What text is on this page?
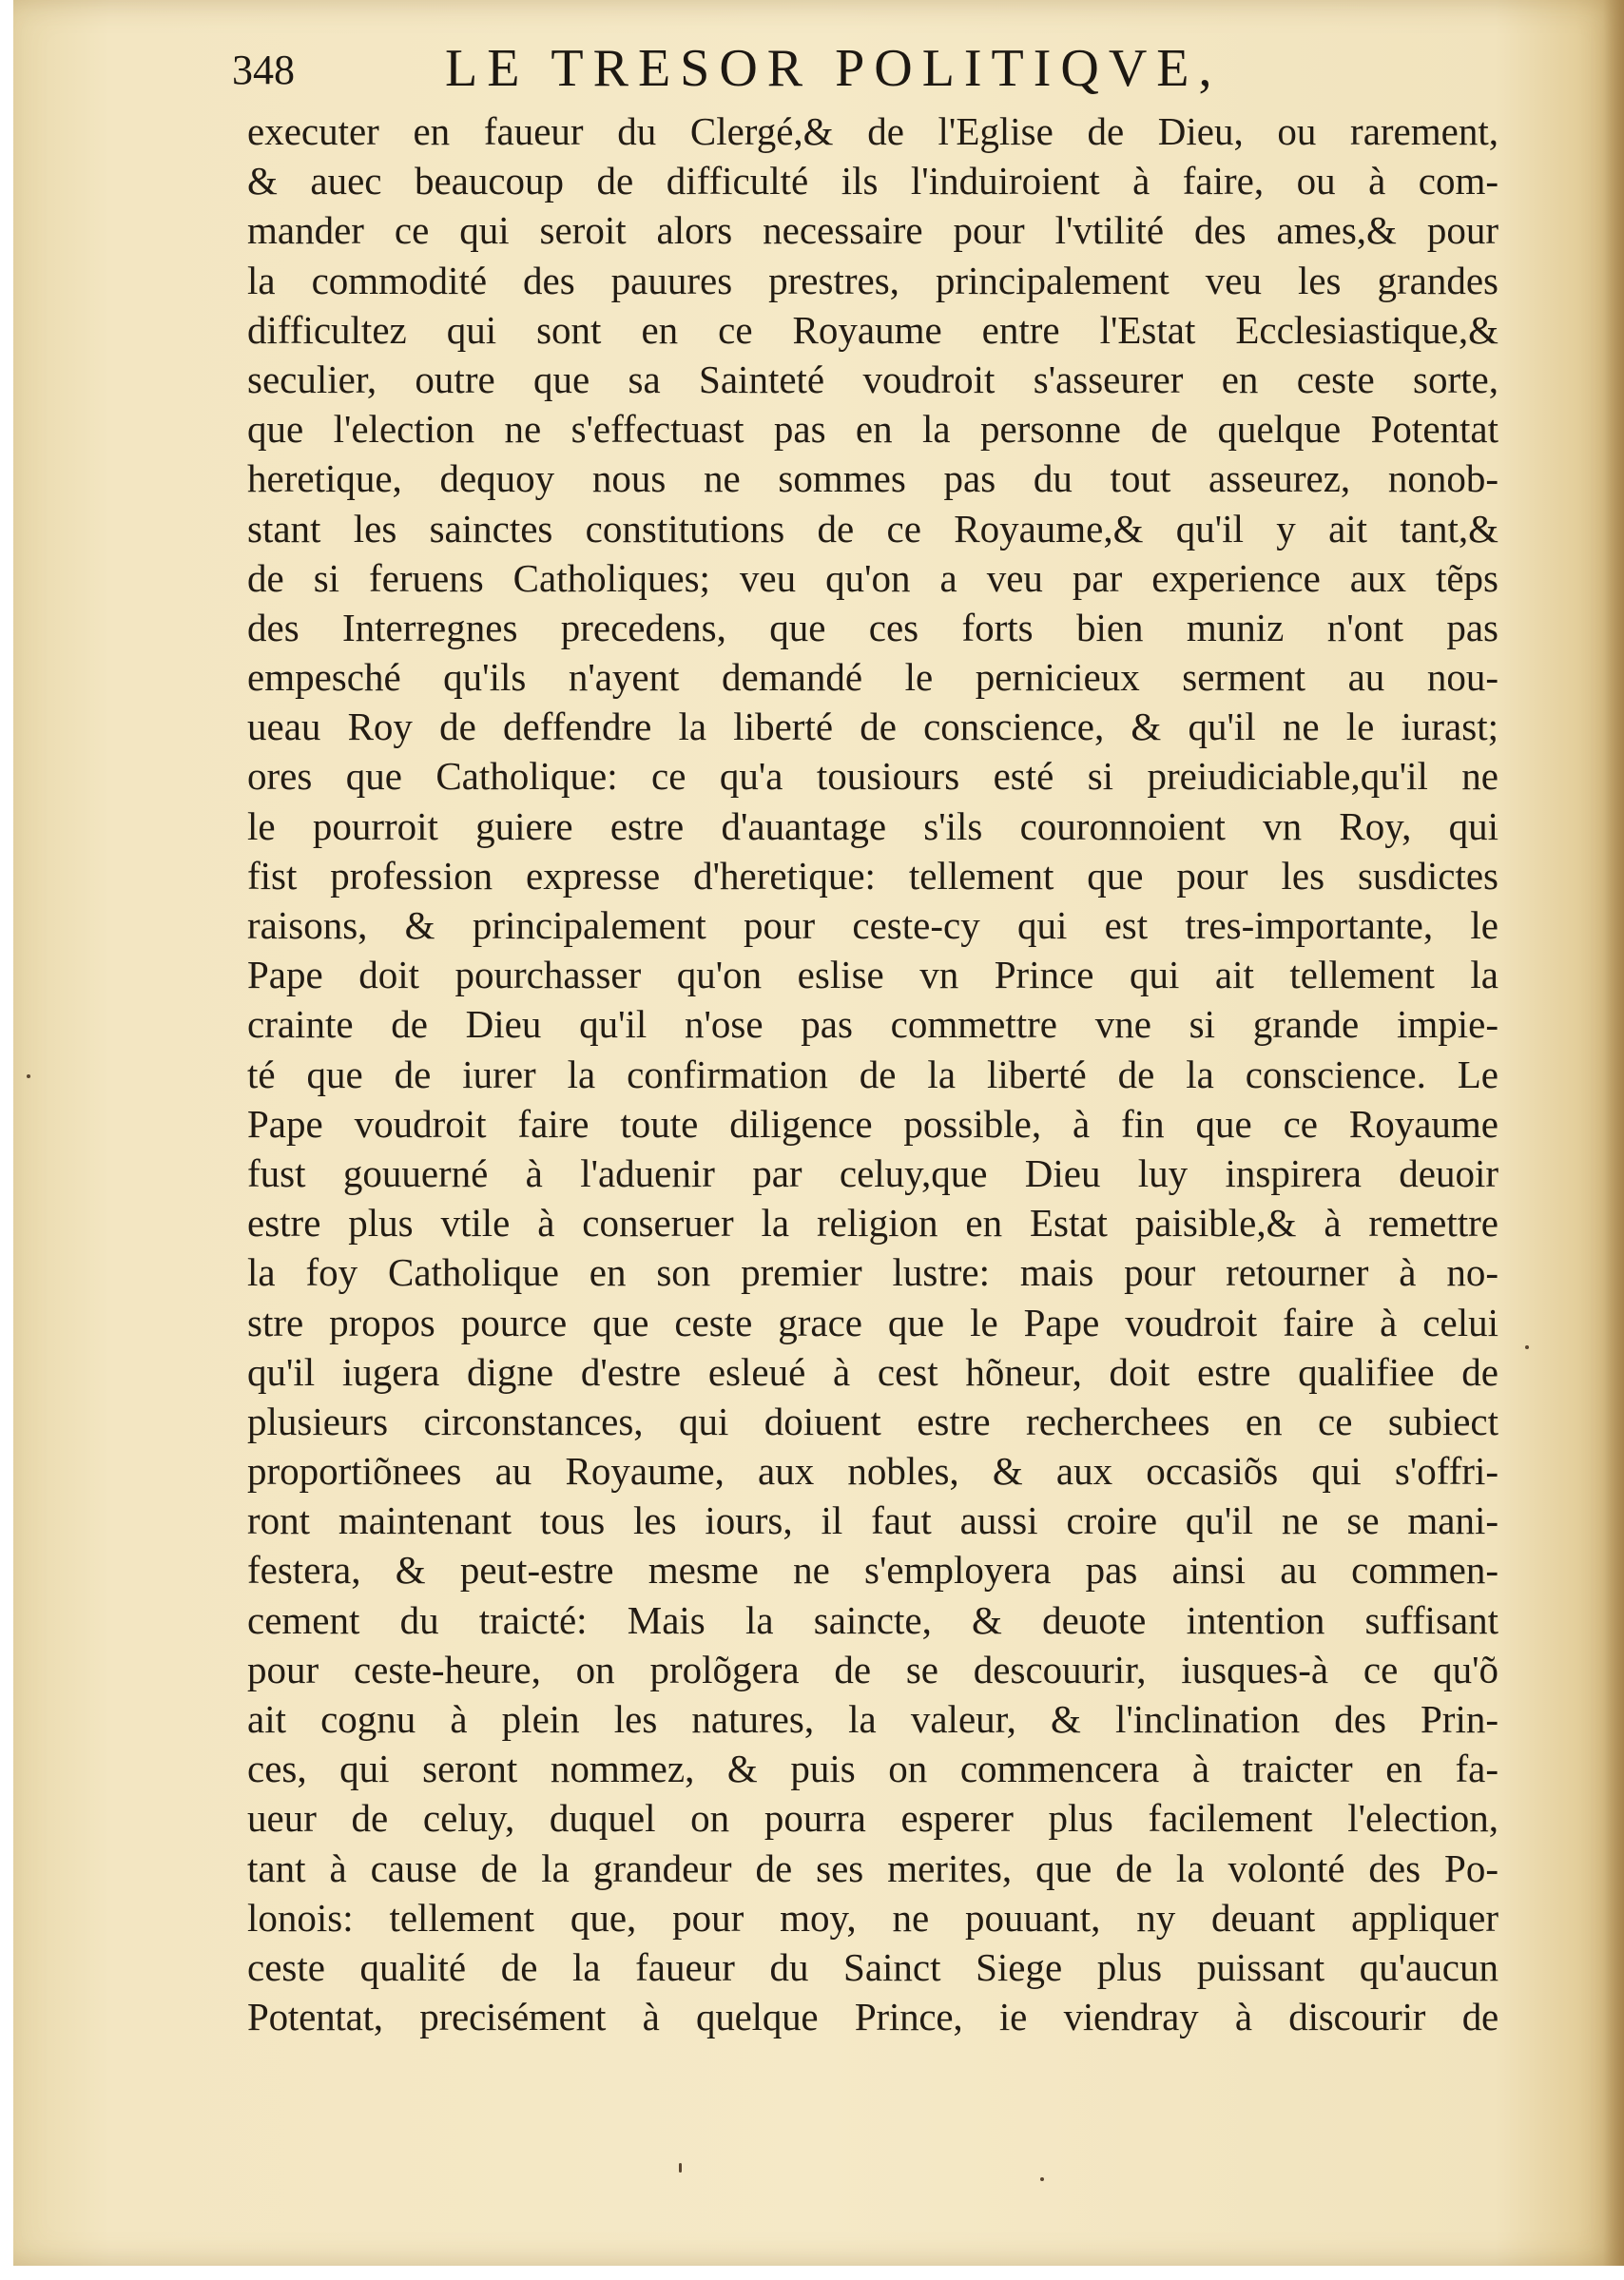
348	LE TRESOR POLITIQVE,
executer en faueur du Clergé,& de l'Eglise de Dieu, ou rarement,
& auec beaucoup de difficulté ils l'induiroient à faire, ou à com-
mander ce qui seroit alors necessaire pour l'vtilité des ames,& pour
la commodité des pauures prestres, principalement veu les grandes
difficultez qui sont en ce Royaume entre l'Estat Ecclesiastique,&
seculier, outre que sa Sainteté voudroit s'asseurer en ceste sorte,
que l'election ne s'effectuast pas en la personne de quelque Potentat
heretique, dequoy nous ne sommes pas du tout asseurez, nonob-
stant les sainctes constitutions de ce Royaume,& qu'il y ait tant,&
de si feruens Catholiques; veu qu'on a veu par experience aux tẽps
des Interregnes precedens, que ces forts bien muniz n'ont pas
empesché qu'ils n'ayent demandé le pernicieux serment au nou-
ueau Roy de deffendre la liberté de conscience, & qu'il ne le iurast;
ores que Catholique: ce qu'a tousiours esté si preiudiciable,qu'il ne
le pourroit guiere estre d'auantage s'ils couronnoient vn Roy, qui
fist profession expresse d'heretique: tellement que pour les susdictes
raisons, & principalement pour ceste-cy qui est tres-importante, le
Pape doit pourchasser qu'on eslise vn Prince qui ait tellement la
crainte de Dieu qu'il n'ose pas commettre vne si grande impie-
té que de iurer la confirmation de la liberté de la conscience. Le
Pape voudroit faire toute diligence possible, à fin que ce Royaume
fust gouuerné à l'aduenir par celuy,que Dieu luy inspirera deuoir
estre plus vtile à conseruer la religion en Estat paisible,& à remettre
la foy Catholique en son premier lustre: mais pour retourner à no-
stre propos pource que ceste grace que le Pape voudroit faire à celui
qu'il iugera digne d'estre esleué à cest hõneur, doit estre qualifiee de
plusieurs circonstances, qui doiuent estre recherchees en ce subiect
proportiõnees au Royaume, aux nobles, & aux occasiõs qui s'offri-
ront maintenant tous les iours, il faut aussi croire qu'il ne se mani-
festera, & peut-estre mesme ne s'employera pas ainsi au commen-
cement du traicté: Mais la saincte, & deuote intention suffisant
pour ceste-heure, on prolõgera de se descouurir, iusques-à ce qu'õ
ait cognu à plein les natures, la valeur, & l'inclination des Prin-
ces, qui seront nommez, & puis on commencera à traicter en fa-
ueur de celuy, duquel on pourra esperer plus facilement l'election,
tant à cause de la grandeur de ses merites, que de la volonté des Po-
lonois: tellement que, pour moy, ne pouuant, ny deuant appliquer
ceste qualité de la faueur du Sainct Siege plus puissant qu'aucun
Potentat, precisément à quelque Prince, ie viendray à discourir de
